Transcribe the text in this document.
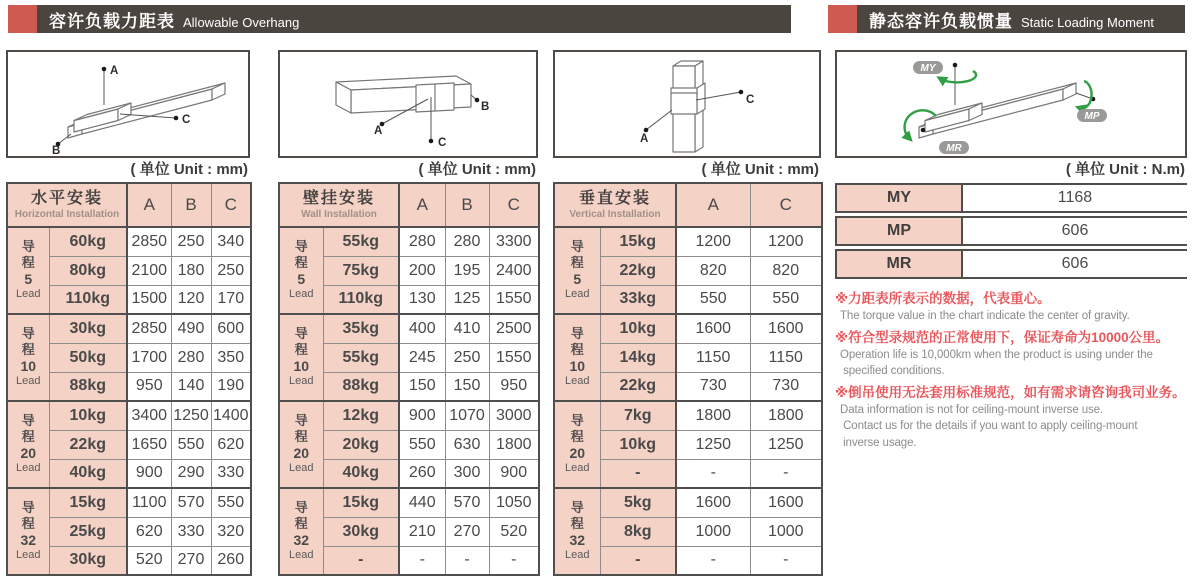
容许负载力距表 Allowable Overhang	静态容许负载惯量 Static Loading Moment
A
B
C
( 单位 Unit : mm)
水平安装
Horizontal Installation		A	B	C

导程
5
Lead	60kg	2850	250	340
	80kg	2100	180	250
	110kg	1500	120	170

导程
10
Lead	30kg	2850	490	600
	50kg	1700	280	350
	88kg	950	140	190

导程
20
Lead	10kg	3400	1250	1400
	22kg	1650	550	620
	40kg	900	290	330

导程
32
Lead	15kg	1100	570	550
	25kg	620	330	320
	30kg	520	270	260
A
B
C
( 单位 Unit : mm)
壁挂安装
Wall Installation		A	B	C

导程
5
Lead	55kg	280	280	3300
	75kg	200	195	2400
	110kg	130	125	1550

导程
10
Lead	35kg	400	410	2500
	55kg	245	250	1550
	88kg	150	150	950

导程
20
Lead	12kg	900	1070	3000
	20kg	550	630	1800
	40kg	260	300	900

导程
32
Lead	15kg	440	570	1050
	30kg	210	270	520
	-	-	-	-
A
C
( 单位 Unit : mm)
垂直安装
Vertical Installation		A	C

导程
5
Lead	15kg	1200	1200
	22kg	820	820
	33kg	550	550

导程
10
Lead	10kg	1600	1600
	14kg	1150	1150
	22kg	730	730

导程
20
Lead	7kg	1800	1800
	10kg	1250	1250
	-	-	-

导程
32
Lead	5kg	1600	1600
	8kg	1000	1000
	-	-	-
MY
MP
MR
( 单位 Unit : N.m)
MY	1168
MP	606
MR	606
※力距表所表示的数据，代表重心。
The torque value in the chart indicate the center of gravity.
※符合型录规范的正常使用下，保证寿命为10000公里。
Operation life is 10,000km when the product is using under the
specified conditions.
※倒吊使用无法套用标准规范，如有需求请咨询我司业务。
Data information is not for ceiling-mount inverse use.
Contact us for the details if you want to apply ceiling-mount
inverse usage.
